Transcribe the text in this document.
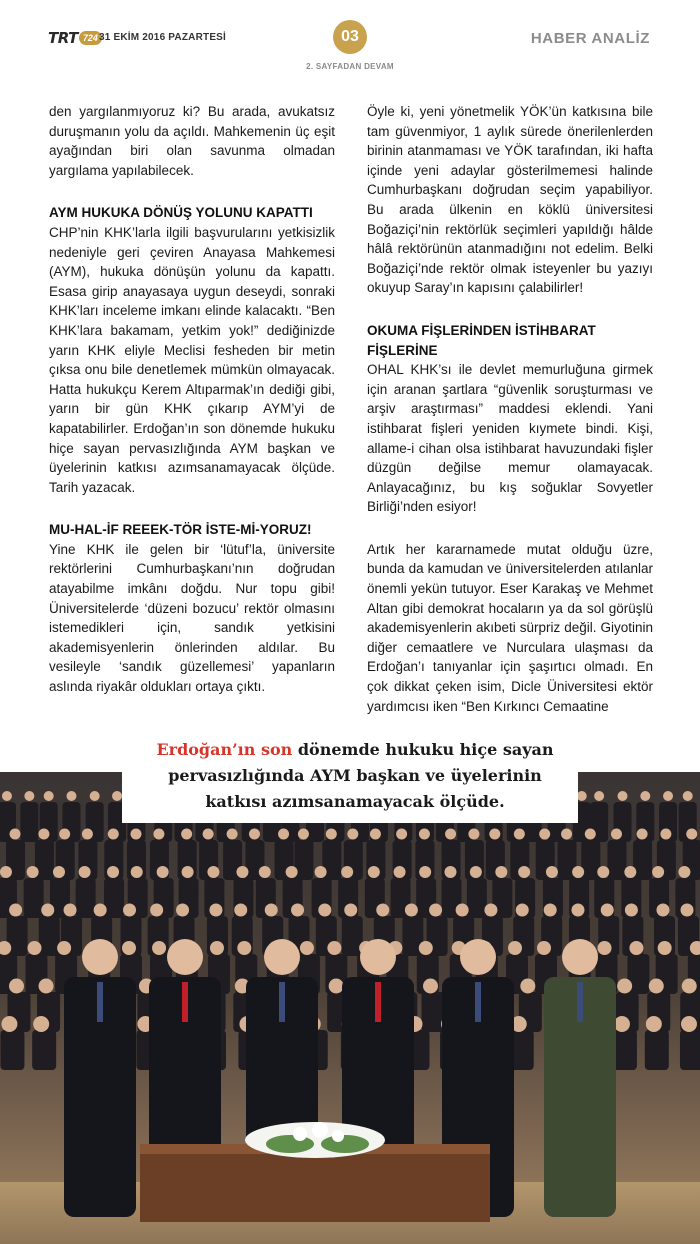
TRT 724 31 EKİM 2016 PAZARTESİ	03
2. SAYFADAN DEVAM
HABER ANALİZ

den yargılanmıyoruz ki? Bu arada, avukatsız duruşmanın yolu da açıldı. Mahkemenin üç eşit ayağından biri olan savunma olmadan yargılama yapılabilecek.

AYM HUKUKA DÖNÜŞ YOLUNU KAPATTI

CHP’nin KHK’larla ilgili başvurularını yetkisizlik nedeniyle geri çeviren Anayasa Mahkemesi (AYM), hukuka dönüşün yolunu da kapattı. Esasa girip anayasaya uygun deseydi, sonraki KHK’ları inceleme imkanı elinde kalacaktı. “Ben KHK’lara bakamam, yetkim yok!” dediğinizde yarın KHK eliyle Meclisi fesheden bir metin çıksa onu bile denetlemek mümkün olmayacak. Hatta hukukçu Kerem Altıparmak’ın dediği gibi, yarın bir gün KHK çıkarıp AYM’yi de kapatabilirler. Erdoğan’ın son dönemde hukuku hiçe sayan pervasızlığında AYM başkan ve üyelerinin katkısı azımsanamayacak ölçüde. Tarih yazacak.

MU-HAL-İF REEEK-TÖR İSTE-Mİ-YORUZ!

Yine KHK ile gelen bir ‘lütuf’la, üniversite rektörlerini Cumhurbaşkanı’nın doğrudan atayabilme imkânı doğdu. Nur topu gibi! Üniversitelerde ‘düzeni bozucu’ rektör olmasını istemedikleri için, sandık yetkisini akademisyenlerin önlerinden aldılar. Bu vesileyle ‘sandık güzellemesi’ yapanların aslında riyakâr oldukları ortaya çıktı.

Öyle ki, yeni yönetmelik YÖK’ün katkısına bile tam güvenmiyor, 1 aylık sürede önerilenlerden birinin atanmaması ve YÖK tarafından, iki hafta içinde yeni adaylar gösterilmemesi halinde Cumhurbaşkanı doğrudan seçim yapabiliyor. Bu arada ülkenin en köklü üniversitesi Boğaziçi’nin rektörlük seçimleri yapıldığı hâlde hâlâ rektörünün atanmadığını not edelim. Belki Boğaziçi’nde rektör olmak isteyenler bu yazıyı okuyup Saray’ın kapısını çalabilirler!

OKUMA FİŞLERİNDEN İSTİHBARAT FİŞLERİNE

OHAL KHK’sı ile devlet memurluğuna girmek için aranan şartlara “güvenlik soruşturması ve arşiv araştırması” maddesi eklendi. Yani istihbarat fişleri yeniden kıymete bindi. Kişi, allame-i cihan olsa istihbarat havuzundaki fişler düzgün değilse memur olamayacak. Anlayacağınız, bu kış soğuklar Sovyetler Birliği’nden esiyor!

Artık her kararnamede mutat olduğu üzre, bunda da kamudan ve üniversitelerden atılanlar önemli yekün tutuyor. Eser Karakaş ve Mehmet Altan gibi demokrat hocaların ya da sol görüşlü akademisyenlerin akıbeti sürpriz değil. Giyotinin diğer cemaatlere ve Nurculara ulaşması da Erdoğan’ı tanıyanlar için şaşırtıcı olmadı. En çok dikkat çeken isim, Dicle Üniversitesi ektör yardımcısı iken “Ben Kırkıncı Cemaatine

Erdoğan’ın son dönemde hukuku hiçe sayan pervasızlığında AYM başkan ve üyelerinin katkısı azımsanamayacak ölçüde.
